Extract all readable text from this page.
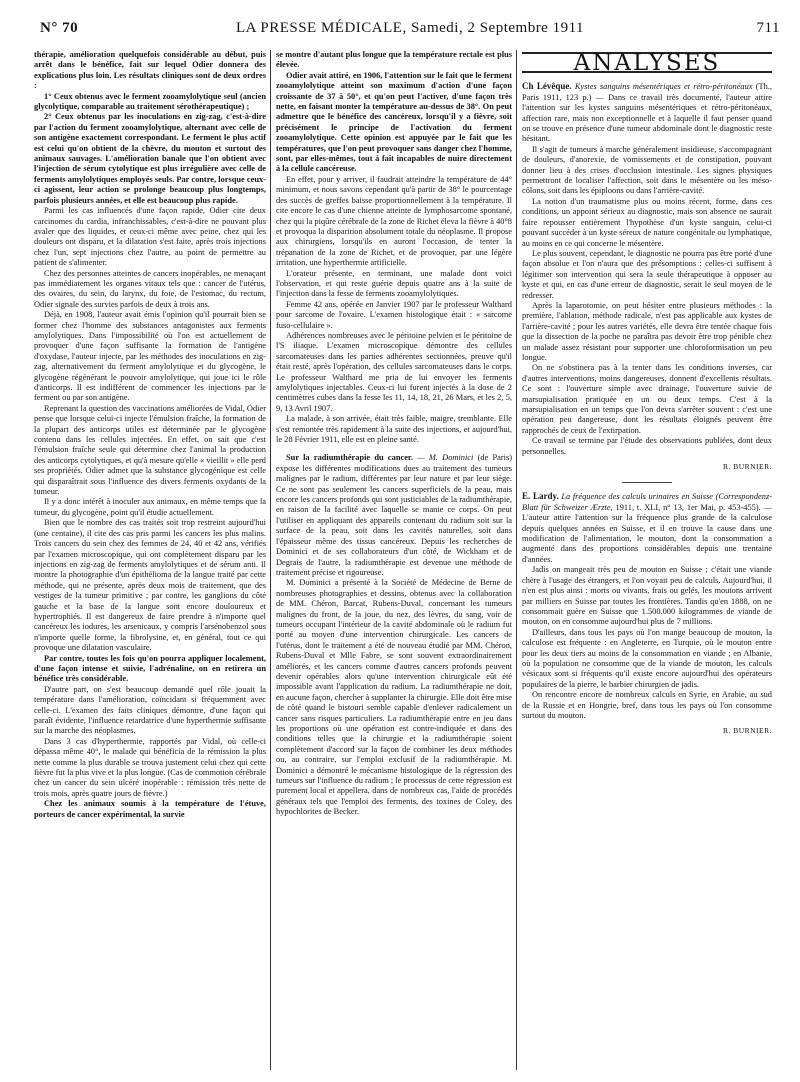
N° 70	LA PRESSE MÉDICALE, Samedi, 2 Septembre 1911	711

thérapie, amélioration quelquefois considérable au début, puis arrêt dans le bénéfice, fait sur lequel Odier donnera des explications plus loin. Les résultats cliniques sont de deux ordres :

1° Ceux obtenus avec le ferment zooamylolytique seul (ancien glycolytique, comparable au traitement sérothérapeutique) ;

2° Ceux obtenus par les inoculations en zig-zag, c'est-à-dire par l'action du ferment zooamylolytique, alternant avec celle de son antigène exactement correspondant. Le ferment le plus actif est celui qu'on obtient de la chèvre, du mouton et surtout des animaux sauvages. L'amélioration banale que l'on obtient avec l'injection de sérum cytolytique est plus irrégulière avec celle de ferments amylolytiques employés seuls. Par contre, lorsque ceux-ci agissent, leur action se prolonge beaucoup plus longtemps, parfois plusieurs années, et elle est beaucoup plus rapide.

Parmi les cas influencés d'une façon rapide, Odier cite deux carcinomes du cardia, infranchissables, c'est-à-dire ne pouvant plus avaler que des liquides, et ceux-ci même avec peine, chez qui les douleurs ont disparu, et la dilatation s'est faite, après trois injections chez l'un, sept injections chez l'autre, au point de permettre au patient de s'alimenter.

Chez des personnes atteintes de cancers inopérables, ne menaçant pas immédiatement les organes vitaux tels que : cancer de l'utérus, des ovaires, du sein, du larynx, du foie, de l'estomac, du rectum, Odier signale des survies parfois de deux à trois ans.

Déjà, en 1908, l'auteur avait émis l'opinion qu'il pourrait bien se former chez l'homme des substances antagonistes aux ferments amylolytiques. Dans l'impossibilité où l'on est actuellement de provoquer d'une façon suffisante la formation de l'antigène d'oxydase, l'auteur injecte, par les méthodes des inoculations en zig-zag, alternativement du ferment amylolytique et du glycogène, le glycogène régénérant le pouvoir amylolytique, qui joue ici le rôle d'anticorps. Il est indifférent de commencer les injections par le ferment ou par son antigène.

Reprenant la question des vaccinations améliorées de Vidal, Odier pense que lorsque celui-ci injecte l'émulsion fraîche, la formation de la plupart des anticorps utiles est déterminée par le glycogène contenu dans les cellules injectées. En effet, on sait que c'est l'émulsion fraîche seule qui détermine chez l'animal la production des anticorps cytolytiques, et qu'à mesure qu'elle « vieillit » elle perd ses propriétés. Odier admet que la substance glycogénique est celle qui disparaîtrait sous l'influence des divers ferments oxydants de la tumeur.

Il y a donc intérêt à inoculer aux animaux, en même temps que la tumeur, du glycogène, point qu'il étudie actuellement.

Bien que le nombre des cas traités soit trop restreint aujourd'hui (une centaine), il cite des cas pris parmi les cancers les plus malins. Trois cancers du sein chez des femmes de 24, 40 et 42 ans, vérifiés par l'examen microscopique, qui ont complètement disparu par les injections en zig-zag de ferments amylolytiques et de sérum anti. Il montre la photographie d'un épithélioma de la langue traité par cette méthode, qui ne présente, après deux mois de traitement, que des vestiges de la tumeur primitive ; par contre, les ganglions du côté gauche et la base de la langue sont encore douloureux et hypertrophiés. Il est dangereux de faire prendre à n'importe quel cancéreux les iodures, les arsenicaux, y compris l'arsénobenzol sous n'importe quelle forme, la fibrolysine, et, en général, tout ce qui provoque une dilatation vasculaire.

Par contre, toutes les fois qu'on pourra appliquer localement, d'une façon intense et suivie, l'adrénaline, on en retirera un bénéfice très considérable.

D'autre part, on s'est beaucoup demandé quel rôle jouait la température dans l'amélioration, coïncidant si fréquemment avec celle-ci. L'examen des faits cliniques démontre, d'une façon qui paraît évidente, l'influence retardatrice d'une hyperthermie suffisante sur la marche des néoplasmes.

Dans 3 cas d'hyperthermie, rapportés par Vidal, où celle-ci dépassa même 40°, le malade qui bénéficia de la rémission la plus nette comme la plus durable se trouva justement celui chez qui cette fièvre fut la plus vive et la plus longue. (Cas de commotion cérébrale chez un cancer du sein ulcéré inopérable : rémission très nette de trois mois, après quatre jours de fièvre.)

Chez les animaux soumis à la température de l'étuve, porteurs de cancer expérimental, la survie

se montre d'autant plus longue que la température rectale est plus élevée.

Odier avait attiré, en 1906, l'attention sur le fait que le ferment zooamylolytique atteint son maximum d'action d'une façon croissante de 37 à 50°, et qu'on peut l'activer, d'une façon très nette, en faisant monter la température au-dessus de 38°. On peut admettre que le bénéfice des cancéreux, lorsqu'il y a fièvre, soit précisément le principe de l'activation du ferment zooamylolytique. Cette opinion est appuyée par le fait que les températures, que l'on peut provoquer sans danger chez l'homme, sont, par elles-mêmes, tout à fait incapables de nuire directement à la cellule cancéreuse.

En effet, pour y arriver, il faudrait atteindre la température de 44° minimum, et nous savons cependant qu'à partir de 38° le pourcentage des succès de greffes baisse proportionnellement à la température. Il cite encore le cas d'une chienne atteinte de lymphosarcome spontané, chez qui la piqûre cérébrale de la zone de Richet éleva la fièvre à 40°8 et provoqua la disparition absolument totale du néoplasme. Il propose aux chirurgiens, lorsqu'ils en auront l'occasion, de tenter la trépanation de la zone de Richet, et de provoquer, par une légère irritation, une hyperthermie artificielle.

L'orateur présente, en terminant, une malade dont voici l'observation, et qui reste guérie depuis quatre ans à la suite de l'injection dans la fesse de ferments zooamylolytiques.

Femme 42 ans, opérée en Janvier 1907 par le professeur Walthard pour sarcome de l'ovaire. L'examen histologique était : « sarcome fuso-cellulaire ».

Adhérences nombreuses avec le péritoine pelvien et le péritoine de l'S iliaque. L'examen microscopique démontre des cellules sarcomateuses dans les parties adhérentes sectionnées, preuve qu'il était resté, après l'opération, des cellules sarcomateuses dans le corps. Le professeur Walthard me pria de lui envoyer les ferments amylolytiques injectables. Ceux-ci lui furent injectés à la dose de 2 centimètres cubes dans la fesse les 11, 14, 18, 21, 26 Mars, et les 2, 5, 9, 13 Avril 1907.

La malade, à son arrivée, était très faible, maigre, tremblante. Elle s'est remontée très rapidement à la suite des injections, et aujourd'hui, le 28 Février 1911, elle est en pleine santé.

Sur la radiumthérapie du cancer. — M. Dominici (de Paris) expose les différentes modifications dues au traitement des tumeurs malignes par le radium, différentes par leur nature et par leur siège. Ce ne sont pas seulement les cancers superficiels de la peau, mais encore les cancers profonds qui sont justiciables de la radiumthérapie, en raison de la facilité avec laquelle se manie ce corps. On peut l'utiliser en appliquant des appareils contenant du radium soit sur la surface de la peau, soit dans les cavités naturelles, soit dans l'épaisseur même des tissus cancéreux. Depuis les recherches de Dominici et de ses collaborateurs d'un côté, de Wickham et de Degrais de l'autre, la radiumthérapie est devenue une méthode de traitement précise et rigoureuse.

M. Dominici a présenté à la Société de Médecine de Berne de nombreuses photographies et dessins, obtenus avec la collaboration de MM. Chéron, Barcat, Rubens-Duval, concernant les tumeurs malignes du front, de la joue, du nez, des lèvres, du sang, voir de tumeurs occupant l'intérieur de la cavité abdominale où le radium fut porté au moyen d'une intervention chirurgicale. Les cancers de l'utérus, dont le traitement a été de nouveau étudié par MM. Chéron, Rubens-Duval et Mlle Fabre, se sont souvent extraordinairement améliorés, et les cancers comme d'autres cancers profonds peuvent devenir opérables alors qu'une intervention chirurgicale eût été impossible avant l'application du radium. La radiumthérapie ne doit, en aucune façon, chercher à supplanter la chirurgie. Elle doit être mise de côté quand le bistouri semble capable d'enlever radicalement un cancer sans risques particuliers. La radiumthérapie entre en jeu dans les proportions où une opération est contre-indiquée et dans des conditions telles que la chirurgie et la radiumthérapie soient complètement d'accord sur la façon de combiner les deux méthodes ou, au contraire, sur l'emploi exclusif de la radiumthérapie. M. Dominici a démontré le mécanisme histologique de la régression des tumeurs sur l'influence du radium ; le processus de cette régression est purement local et appellera, dans de nombreux cas, l'aide de procédés généraux tels que l'emploi des ferments, des toxines de Coley, des hypochlorites de Becker.

ANALYSES

Ch Lévêque. Kystes sanguins mésentériques et rétro-péritonéaux (Th., Paris 1911, 123 p.) — Dans ce travail très documenté, l'auteur attire l'attention sur les kystes sanguins mésentériques et rétro-péritonéaux, affection rare, mais non exceptionnelle et à laquelle il faut penser quand on se trouve en présence d'une tumeur abdominale dont le diagnostic reste hésitant.

Il s'agit de tumeurs à marche généralement insidieuse, s'accompagnant de douleurs, d'anorexie, de vomissements et de constipation, pouvant donner lieu à des crises d'occlusion intestinale. Les signes physiques permettront de localiser l'affection, soit dans le mésentère ou les méso-côlons, soit dans les épiploons ou dans l'arrière-cavité.

La notion d'un traumatisme plus ou moins récent, forme, dans ces conditions, un appoint sérieux au diagnostic, mais son absence ne saurait faire repousser entièrement l'hypothèse d'un kyste sanguin, celui-ci pouvant succéder à un kyste séreux de nature congénitale ou lymphatique, au moins en ce qui concerne le mésentère.

Le plus souvent, cependant, le diagnostic ne pourra pas être porté d'une façon absolue et l'on n'aura que des présomptions : celles-ci suffisent à légitimer son intervention qui sera la seule thérapeutique à opposer au kyste et qui, en cas d'une erreur de diagnostic, serait le seul moyen de le redresser.

Après la laparotomie, on peut hésiter entre plusieurs méthodes : la première, l'ablation, méthode radicale, n'est pas applicable aux kystes de l'arrière-cavité ; pour les autres variétés, elle devra être tentée chaque fois que la dissection de la poche ne paraîtra pas devoir être trop pénible chez un malade assez résistant pour supporter une chloroformisation un peu longue.

On ne s'obstinera pas à la tenter dans les conditions inverses, car d'autres interventions, moins dangereuses, donnent d'excellents résultats. Ce sont : l'ouverture simple avec drainage, l'ouverture suivie de marsupialisation pratiquée en un ou deux temps. C'est à la marsupialisation en un temps que l'on devra s'arrêter souvent : c'est une opération peu dangereuse, dont les résultats éloignés peuvent être rapprochés de ceux de l'extirpation.

Ce travail se termine par l'étude des observations publiées, dont deux personnelles.

R. BURNIER.

E. Lardy. La fréquence des calculs urinaires en Suisse (Correspondenz-Blatt für Schweizer Ærzte, 1911, t. XLI, n° 13, 1er Mai, p. 453-455). — L'auteur attire l'attention sur la fréquence plus grande de la calculose depuis quelques années en Suisse, et il en trouve la cause dans une modification de l'alimentation, le mouton, dont la consommation a augmenté dans des proportions considérables depuis une trentaine d'années.

Jadis on mangeait très peu de mouton en Suisse ; c'était une viande chère à l'usage des étrangers, et l'on voyait peu de calculs. Aujourd'hui, il n'en est plus ainsi : morts ou vivants, frais ou gelés, les moutons arrivent par milliers en Suisse par toutes les frontières. Tandis qu'en 1888, on ne consommait guère en Suisse que 1.500.000 kilogrammes de viande de mouton, on en consomme aujourd'hui plus de 7 millions.

D'ailleurs, dans tous les pays où l'on mange beaucoup de mouton, la calculose est fréquente : en Angleterre, en Turquie, où le mouton entre pour les deux tiers au moins de la consommation en viande ; en Albanie, où la population ne consomme que de la viande de mouton, les calculs vésicaux sont si fréquents qu'il existe encore aujourd'hui des opérateurs populaires de la pierre, le barbier chirurgien de jadis.

On rencontre encore de nombreux calculs en Syrie, en Arabie, au sud de la Russie et en Hongrie, bref, dans tous les pays où l'on consomme surtout du mouton.

R. BURNIER.
